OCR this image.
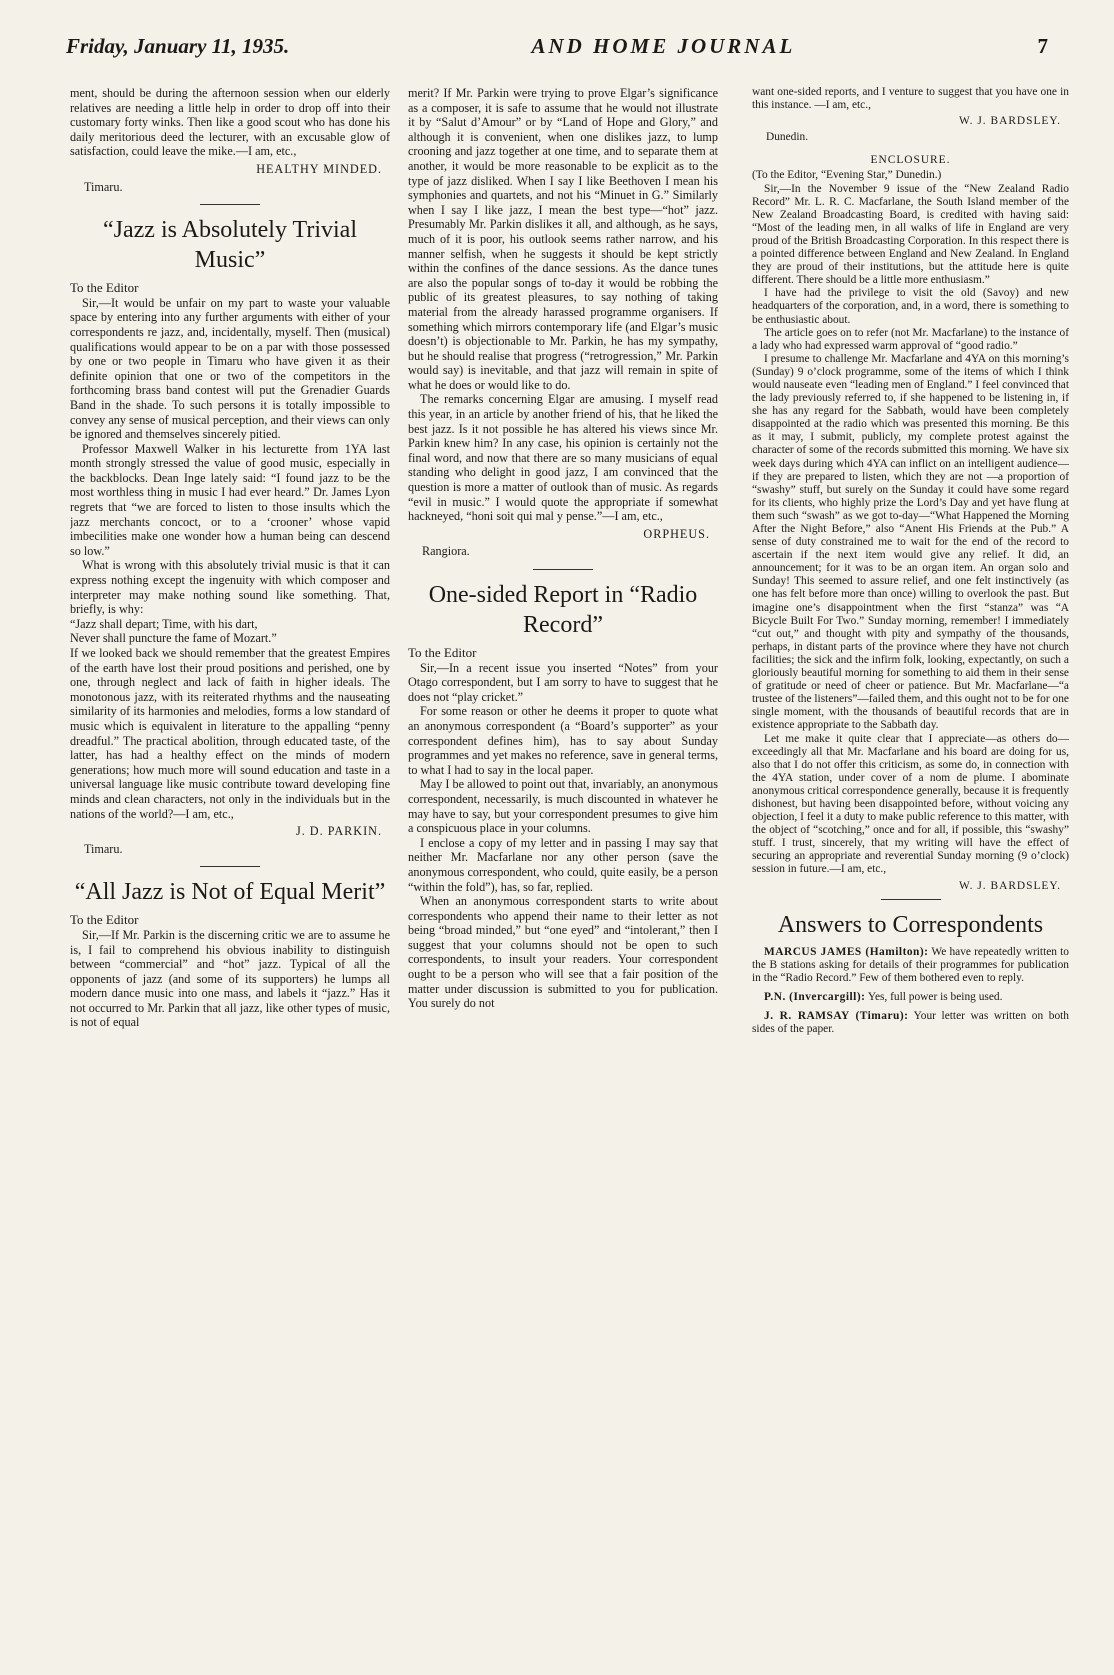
Friday, January 11, 1935.	AND HOME JOURNAL	7

ment, should be during the afternoon session when our elderly relatives are needing a little help in order to drop off into their customary forty winks. Then like a good scout who has done his daily meritorious deed the lecturer, with an excusable glow of satisfaction, could leave the mike.—I am, etc.,

HEALTHY MINDED.
Timaru.
“Jazz is Absolutely Trivial Music”

To the Editor

Sir,—It would be unfair on my part to waste your valuable space by entering into any further arguments with either of your correspondents re jazz, and, incidentally, myself. Then (musical) qualifications would appear to be on a par with those possessed by one or two people in Timaru who have given it as their definite opinion that one or two of the competitors in the forthcoming brass band contest will put the Grenadier Guards Band in the shade. To such persons it is totally impossible to convey any sense of musical perception, and their views can only be ignored and themselves sincerely pitied.

Professor Maxwell Walker in his lecturette from 1YA last month strongly stressed the value of good music, especially in the backblocks. Dean Inge lately said: “I found jazz to be the most worthless thing in music I had ever heard.” Dr. James Lyon regrets that “we are forced to listen to those insults which the jazz merchants concoct, or to a ‘crooner’ whose vapid imbecilities make one wonder how a human being can descend so low.”

What is wrong with this absolutely trivial music is that it can express nothing except the ingenuity with which composer and interpreter may make nothing sound like something. That, briefly, is why:

“Jazz shall depart; Time, with his dart,

Never shall puncture the fame of Mozart.”

If we looked back we should remember that the greatest Empires of the earth have lost their proud positions and perished, one by one, through neglect and lack of faith in higher ideals. The monotonous jazz, with its reiterated rhythms and the nauseating similarity of its harmonies and melodies, forms a low standard of music which is equivalent in literature to the appalling “penny dreadful.” The practical abolition, through educated taste, of the latter, has had a healthy effect on the minds of modern generations; how much more will sound education and taste in a universal language like music contribute toward developing fine minds and clean characters, not only in the individuals but in the nations of the world?—I am, etc.,

J. D. PARKIN.
Timaru.
“All Jazz is Not of Equal Merit”

To the Editor

Sir,—If Mr. Parkin is the discerning critic we are to assume he is, I fail to comprehend his obvious inability to distinguish between “commercial” and “hot” jazz. Typical of all the opponents of jazz (and some of its supporters) he lumps all modern dance music into one mass, and labels it “jazz.” Has it not occurred to Mr. Parkin that all jazz, like other types of music, is not of equal

merit? If Mr. Parkin were trying to prove Elgar’s significance as a composer, it is safe to assume that he would not illustrate it by “Salut d’Amour” or by “Land of Hope and Glory,” and although it is convenient, when one dislikes jazz, to lump crooning and jazz together at one time, and to separate them at another, it would be more reasonable to be explicit as to the type of jazz disliked. When I say I like Beethoven I mean his symphonies and quartets, and not his “Minuet in G.” Similarly when I say I like jazz, I mean the best type—“hot” jazz. Presumably Mr. Parkin dislikes it all, and although, as he says, much of it is poor, his outlook seems rather narrow, and his manner selfish, when he suggests it should be kept strictly within the confines of the dance sessions. As the dance tunes are also the popular songs of to-day it would be robbing the public of its greatest pleasures, to say nothing of taking material from the already harassed programme organisers. If something which mirrors contemporary life (and Elgar’s music doesn’t) is objectionable to Mr. Parkin, he has my sympathy, but he should realise that progress (“retrogression,” Mr. Parkin would say) is inevitable, and that jazz will remain in spite of what he does or would like to do.

The remarks concerning Elgar are amusing. I myself read this year, in an article by another friend of his, that he liked the best jazz. Is it not possible he has altered his views since Mr. Parkin knew him? In any case, his opinion is certainly not the final word, and now that there are so many musicians of equal standing who delight in good jazz, I am convinced that the question is more a matter of outlook than of music. As regards “evil in music.” I would quote the appropriate if somewhat hackneyed, “honi soit qui mal y pense.”—I am, etc.,

ORPHEUS.
Rangiora.
One-sided Report in “Radio Record”

To the Editor

Sir,—In a recent issue you inserted “Notes” from your Otago correspondent, but I am sorry to have to suggest that he does not “play cricket.”

For some reason or other he deems it proper to quote what an anonymous correspondent (a “Board’s supporter” as your correspondent defines him), has to say about Sunday programmes and yet makes no reference, save in general terms, to what I had to say in the local paper.

May I be allowed to point out that, invariably, an anonymous correspondent, necessarily, is much discounted in whatever he may have to say, but your correspondent presumes to give him a conspicuous place in your columns.

I enclose a copy of my letter and in passing I may say that neither Mr. Macfarlane nor any other person (save the anonymous correspondent, who could, quite easily, be a person “within the fold”), has, so far, replied.

When an anonymous correspondent starts to write about correspondents who append their name to their letter as not being “broad minded,” but “one eyed” and “intolerant,” then I suggest that your columns should not be open to such correspondents, to insult your readers. Your correspondent ought to be a person who will see that a fair position of the matter under discussion is submitted to you for publication. You surely do not

want one-sided reports, and I venture to suggest that you have one in this instance. —I am, etc.,

W. J. BARDSLEY.
Dunedin.
ENCLOSURE.

(To the Editor, “Evening Star,” Dunedin.)

Sir,—In the November 9 issue of the “New Zealand Radio Record” Mr. L. R. C. Macfarlane, the South Island member of the New Zealand Broadcasting Board, is credited with having said: “Most of the leading men, in all walks of life in England are very proud of the British Broadcasting Corporation. In this respect there is a pointed difference between England and New Zealand. In England they are proud of their institutions, but the attitude here is quite different. There should be a little more enthusiasm.”

I have had the privilege to visit the old (Savoy) and new headquarters of the corporation, and, in a word, there is something to be enthusiastic about.

The article goes on to refer (not Mr. Macfarlane) to the instance of a lady who had expressed warm approval of “good radio.”

I presume to challenge Mr. Macfarlane and 4YA on this morning’s (Sunday) 9 o’clock programme, some of the items of which I think would nauseate even “leading men of England.” I feel convinced that the lady previously referred to, if she happened to be listening in, if she has any regard for the Sabbath, would have been completely disappointed at the radio which was presented this morning. Be this as it may, I submit, publicly, my complete protest against the character of some of the records submitted this morning. We have six week days during which 4YA can inflict on an intelligent audience—if they are prepared to listen, which they are not —a proportion of “swashy” stuff, but surely on the Sunday it could have some regard for its clients, who highly prize the Lord’s Day and yet have flung at them such “swash” as we got to-day—“What Happened the Morning After the Night Before,” also “Anent His Friends at the Pub.” A sense of duty constrained me to wait for the end of the record to ascertain if the next item would give any relief. It did, an announcement; for it was to be an organ item. An organ solo and Sunday! This seemed to assure relief, and one felt instinctively (as one has felt before more than once) willing to overlook the past. But imagine one’s disappointment when the first “stanza” was “A Bicycle Built For Two.” Sunday morning, remember! I immediately “cut out,” and thought with pity and sympathy of the thousands, perhaps, in distant parts of the province where they have not church facilities; the sick and the infirm folk, looking, expectantly, on such a gloriously beautiful morning for something to aid them in their sense of gratitude or need of cheer or patience. But Mr. Macfarlane—“a trustee of the listeners”—failed them, and this ought not to be for one single moment, with the thousands of beautiful records that are in existence appropriate to the Sabbath day.

Let me make it quite clear that I appreciate—as others do—exceedingly all that Mr. Macfarlane and his board are doing for us, also that I do not offer this criticism, as some do, in connection with the 4YA station, under cover of a nom de plume. I abominate anonymous critical correspondence generally, because it is frequently dishonest, but having been disappointed before, without voicing any objection, I feel it a duty to make public reference to this matter, with the object of “scotching,” once and for all, if possible, this “swashy” stuff. I trust, sincerely, that my writing will have the effect of securing an appropriate and reverential Sunday morning (9 o’clock) session in future.—I am, etc.,

W. J. BARDSLEY.
Answers to Correspondents

MARCUS JAMES (Hamilton): We have repeatedly written to the B stations asking for details of their programmes for publication in the “Radio Record.” Few of them bothered even to reply.

P.N. (Invercargill): Yes, full power is being used.

J. R. RAMSAY (Timaru): Your letter was written on both sides of the paper.
